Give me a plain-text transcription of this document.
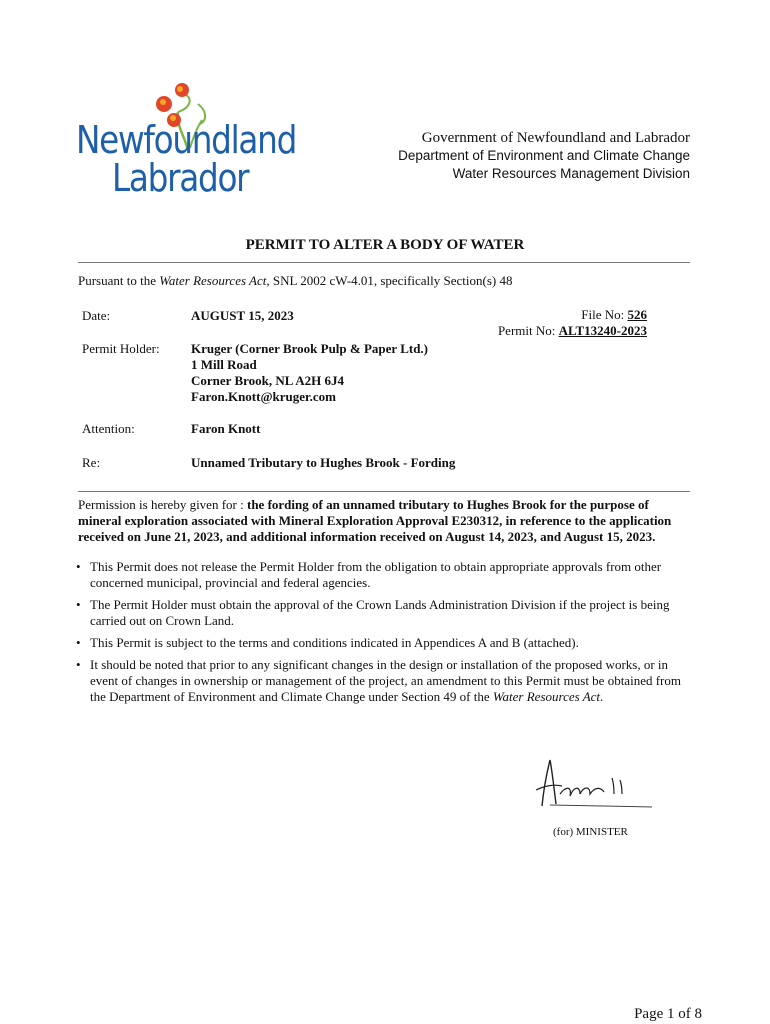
Newfoundland
Labrador
Government of Newfoundland and Labrador
Department of Environment and Climate Change
Water Resources Management Division
PERMIT TO ALTER A BODY OF WATER
Pursuant to the Water Resources Act, SNL 2002 cW-4.01, specifically Section(s) 48
Date:	AUGUST 15, 2023	File No: 526
Permit No: ALT13240-2023
Permit Holder: Kruger (Corner Brook Pulp & Paper Ltd.)
1 Mill Road
Corner Brook, NL A2H 6J4
Faron.Knott@kruger.com
Attention:	Faron Knott
Re:	Unnamed Tributary to Hughes Brook - Fording
Permission is hereby given for : the fording of an unnamed tributary to Hughes Brook for the purpose of mineral exploration associated with Mineral Exploration Approval E230312, in reference to the application received on June 21, 2023, and additional information received on August 14, 2023, and August 15, 2023.
• This Permit does not release the Permit Holder from the obligation to obtain appropriate approvals from other concerned municipal, provincial and federal agencies.
• The Permit Holder must obtain the approval of the Crown Lands Administration Division if the project is being carried out on Crown Land.
• This Permit is subject to the terms and conditions indicated in Appendices A and B (attached).
• It should be noted that prior to any significant changes in the design or installation of the proposed works, or in event of changes in ownership or management of the project, an amendment to this Permit must be obtained from the Department of Environment and Climate Change under Section 49 of the Water Resources Act.
(for) MINISTER
Page 1 of 8
